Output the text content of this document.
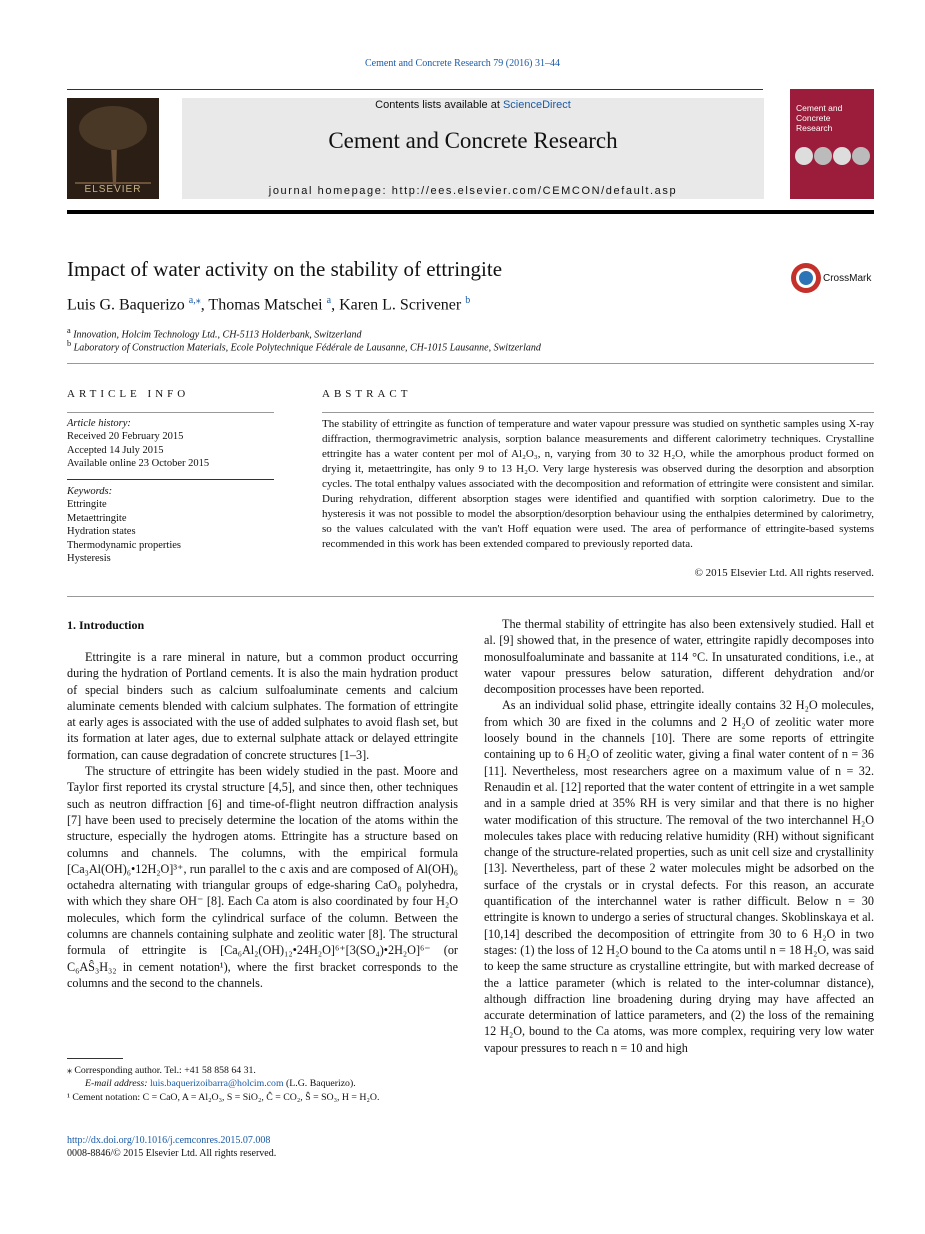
Cement and Concrete Research 79 (2016) 31–44
ELSEVIER
Contents lists available at ScienceDirect
Cement and Concrete Research
journal homepage: http://ees.elsevier.com/CEMCON/default.asp
Cement and
Concrete
Research
Impact of water activity on the stability of ettringite	CrossMark
Luis G. Baquerizo $^{a,⁎}$, Thomas Matschei $^a$, Karen L. Scrivener $^b$
$^a$ Innovation, Holcim Technology Ltd., CH-5113 Holderbank, Switzerland
$^b$ Laboratory of Construction Materials, Ecole Polytechnique Fédérale de Lausanne, CH-1015 Lausanne, Switzerland
ARTICLE INFO
Article history:
Received 20 February 2015
Accepted 14 July 2015
Available online 23 October 2015
Keywords:
Ettringite
Metaettringite
Hydration states
Thermodynamic properties
Hysteresis
ABSTRACT
The stability of ettringite as function of temperature and water vapour pressure was studied on synthetic samples using X-ray diffraction, thermogravimetric analysis, sorption balance measurements and different calorimetry techniques. Crystalline ettringite has a water content per mol of Al₂O₃, n, varying from 30 to 32 H₂O, while the amorphous product formed on drying it, metaettringite, has only 9 to 13 H₂O. Very large hysteresis was observed during the desorption and absorption cycles. The total enthalpy values associated with the decomposition and reformation of ettringite were consistent and similar. During rehydration, different absorption stages were identified and quantified with sorption calorimetry. Due to the hysteresis it was not possible to model the absorption/desorption behaviour using the enthalpies determined by calorimetry, so the values calculated with the van't Hoff equation were used. The area of performance of ettringite-based systems recommended in this work has been extended compared to previously reported data.
© 2015 Elsevier Ltd. All rights reserved.
1. Introduction

Ettringite is a rare mineral in nature, but a common product occurring during the hydration of Portland cements. It is also the main hydration product of special binders such as calcium sulfoaluminate cements and calcium aluminate cements blended with calcium sulphates. The formation of ettringite at early ages is associated with the use of added sulphates to avoid flash set, but its formation at later ages, due to external sulphate attack or delayed ettringite formation, can cause degradation of concrete structures [1–3].

The structure of ettringite has been widely studied in the past. Moore and Taylor first reported its crystal structure [4,5], and since then, other techniques such as neutron diffraction [6] and time-of-flight neutron diffraction analysis [7] have been used to precisely determine the location of the atoms within the structure, especially the hydrogen atoms. Ettringite has a structure based on columns and channels. The columns, with the empirical formula [Ca₃Al(OH)₆•12H₂O]³⁺, run parallel to the c axis and are composed of Al(OH)₆ octahedra alternating with triangular groups of edge-sharing CaO₈ polyhedra, with which they share OH⁻ [8]. Each Ca atom is also coordinated by four H₂O molecules, which form the cylindrical surface of the column. Between the columns are channels containing sulphate and zeolitic water [8]. The structural formula of ettringite is [Ca₆Al₂(OH)₁₂•24H₂O]⁶⁺[3(SO₄)•2H₂O]⁶⁻ (or C₆AŜ₃H₃₂ in cement notation¹), where the first bracket corresponds to the columns and the second to the channels.

The thermal stability of ettringite has also been extensively studied. Hall et al. [9] showed that, in the presence of water, ettringite rapidly decomposes into monosulfoaluminate and bassanite at 114 °C. In unsaturated conditions, i.e., at water vapour pressures below saturation, different dehydration and/or decomposition processes have been reported.

As an individual solid phase, ettringite ideally contains 32 H₂O molecules, from which 30 are fixed in the columns and 2 H₂O of zeolitic water more loosely bound in the channels [10]. There are some reports of ettringite containing up to 6 H₂O of zeolitic water, giving a final water content of n = 36 [11]. Nevertheless, most researchers agree on a maximum value of n = 32. Renaudin et al. [12] reported that the water content of ettringite in a wet sample and in a sample dried at 35% RH is very similar and that there is no higher water modification of this structure. The removal of the two interchannel H₂O molecules takes place with reducing relative humidity (RH) without significant change of the structure-related properties, such as unit cell size and crystallinity [13]. Nevertheless, part of these 2 water molecules might be adsorbed on the surface of the crystals or in crystal defects. For this reason, an accurate quantification of the interchannel water is rather difficult. Below n = 30 ettringite is known to undergo a series of structural changes. Skoblinskaya et al. [10,14] described the decomposition of ettringite from 30 to 6 H₂O in two stages: (1) the loss of 12 H₂O bound to the Ca atoms until n = 18 H₂O, was said to keep the same structure as crystalline ettringite, but with marked decrease of the a lattice parameter (which is related to the inter-columnar distance), although diffraction line broadening during drying may have affected an accurate determination of lattice parameters, and (2) the loss of the remaining 12 H₂O, bound to the Ca atoms, was more complex, requiring very low water vapour pressures to reach n = 10 and high

⁎ Corresponding author. Tel.: +41 58 858 64 31.
E-mail address: luis.baquerizoibarra@holcim.com (L.G. Baquerizo).
¹ Cement notation: C = CaO, A = Al₂O₃, S = SiO₂, Ĉ = CO₂, Ŝ = SO₃, H = H₂O.
http://dx.doi.org/10.1016/j.cemconres.2015.07.008
0008-8846/© 2015 Elsevier Ltd. All rights reserved.
